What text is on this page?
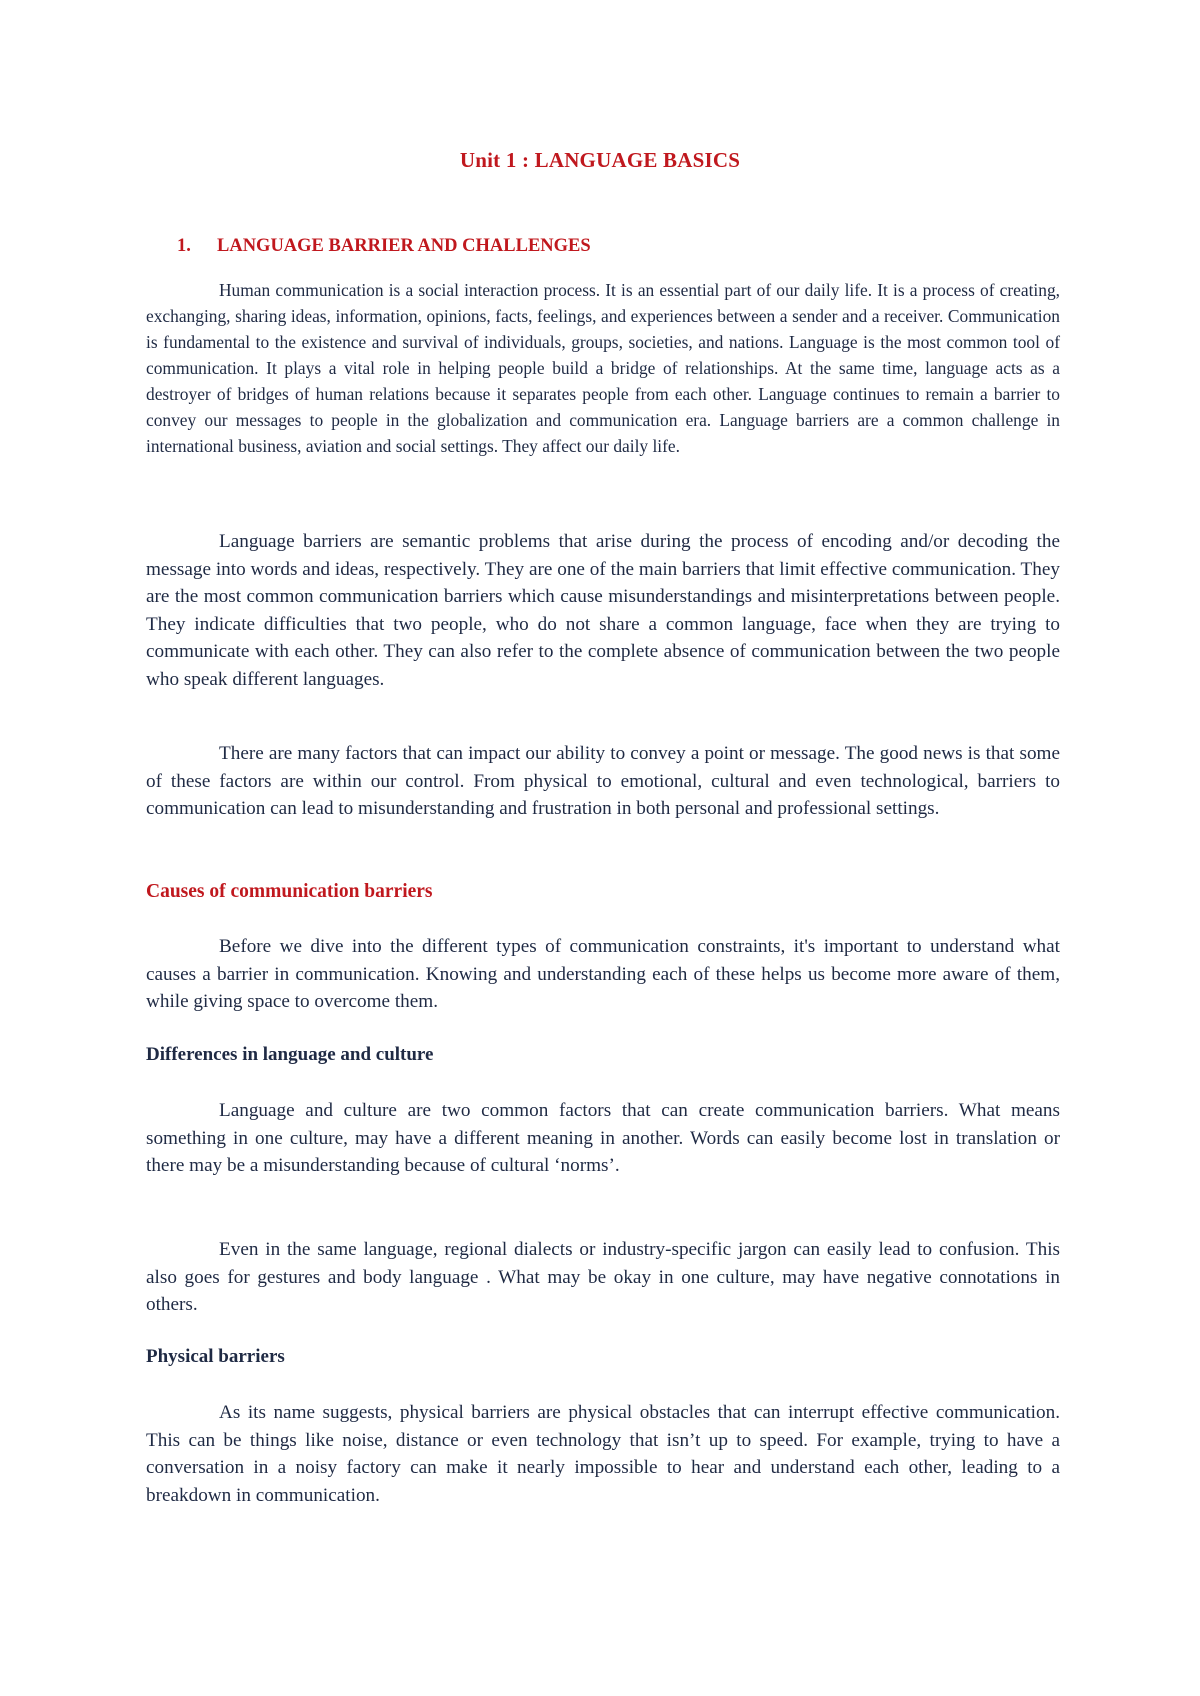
Unit 1 : LANGUAGE BASICS
1. LANGUAGE BARRIER AND CHALLENGES

Human communication is a social interaction process. It is an essential part of our daily life. It is a process of creating, exchanging, sharing ideas, information, opinions, facts, feelings, and experiences between a sender and a receiver. Communication is fundamental to the existence and survival of individuals, groups, societies, and nations. Language is the most common tool of communication. It plays a vital role in helping people build a bridge of relationships. At the same time, language acts as a destroyer of bridges of human relations because it separates people from each other. Language continues to remain a barrier to convey our messages to people in the globalization and communication era. Language barriers are a common challenge in international business, aviation and social settings. They affect our daily life.

Language barriers are semantic problems that arise during the process of encoding and/or decoding the message into words and ideas, respectively. They are one of the main barriers that limit effective communication. They are the most common communication barriers which cause misunderstandings and misinterpretations between people. They indicate difficulties that two people, who do not share a common language, face when they are trying to communicate with each other. They can also refer to the complete absence of communication between the two people who speak different languages.

There are many factors that can impact our ability to convey a point or message. The good news is that some of these factors are within our control. From physical to emotional, cultural and even technological, barriers to communication can lead to misunderstanding and frustration in both personal and professional settings.

Causes of communication barriers

Before we dive into the different types of communication constraints, it's important to understand what causes a barrier in communication. Knowing and understanding each of these helps us become more aware of them, while giving space to overcome them.

Differences in language and culture

Language and culture are two common factors that can create communication barriers. What means something in one culture, may have a different meaning in another. Words can easily become lost in translation or there may be a misunderstanding because of cultural ‘norms’.

Even in the same language, regional dialects or industry-specific jargon can easily lead to confusion. This also goes for gestures and body language . What may be okay in one culture, may have negative connotations in others.

Physical barriers

As its name suggests, physical barriers are physical obstacles that can interrupt effective communication. This can be things like noise, distance or even technology that isn’t up to speed. For example, trying to have a conversation in a noisy factory can make it nearly impossible to hear and understand each other, leading to a breakdown in communication.
